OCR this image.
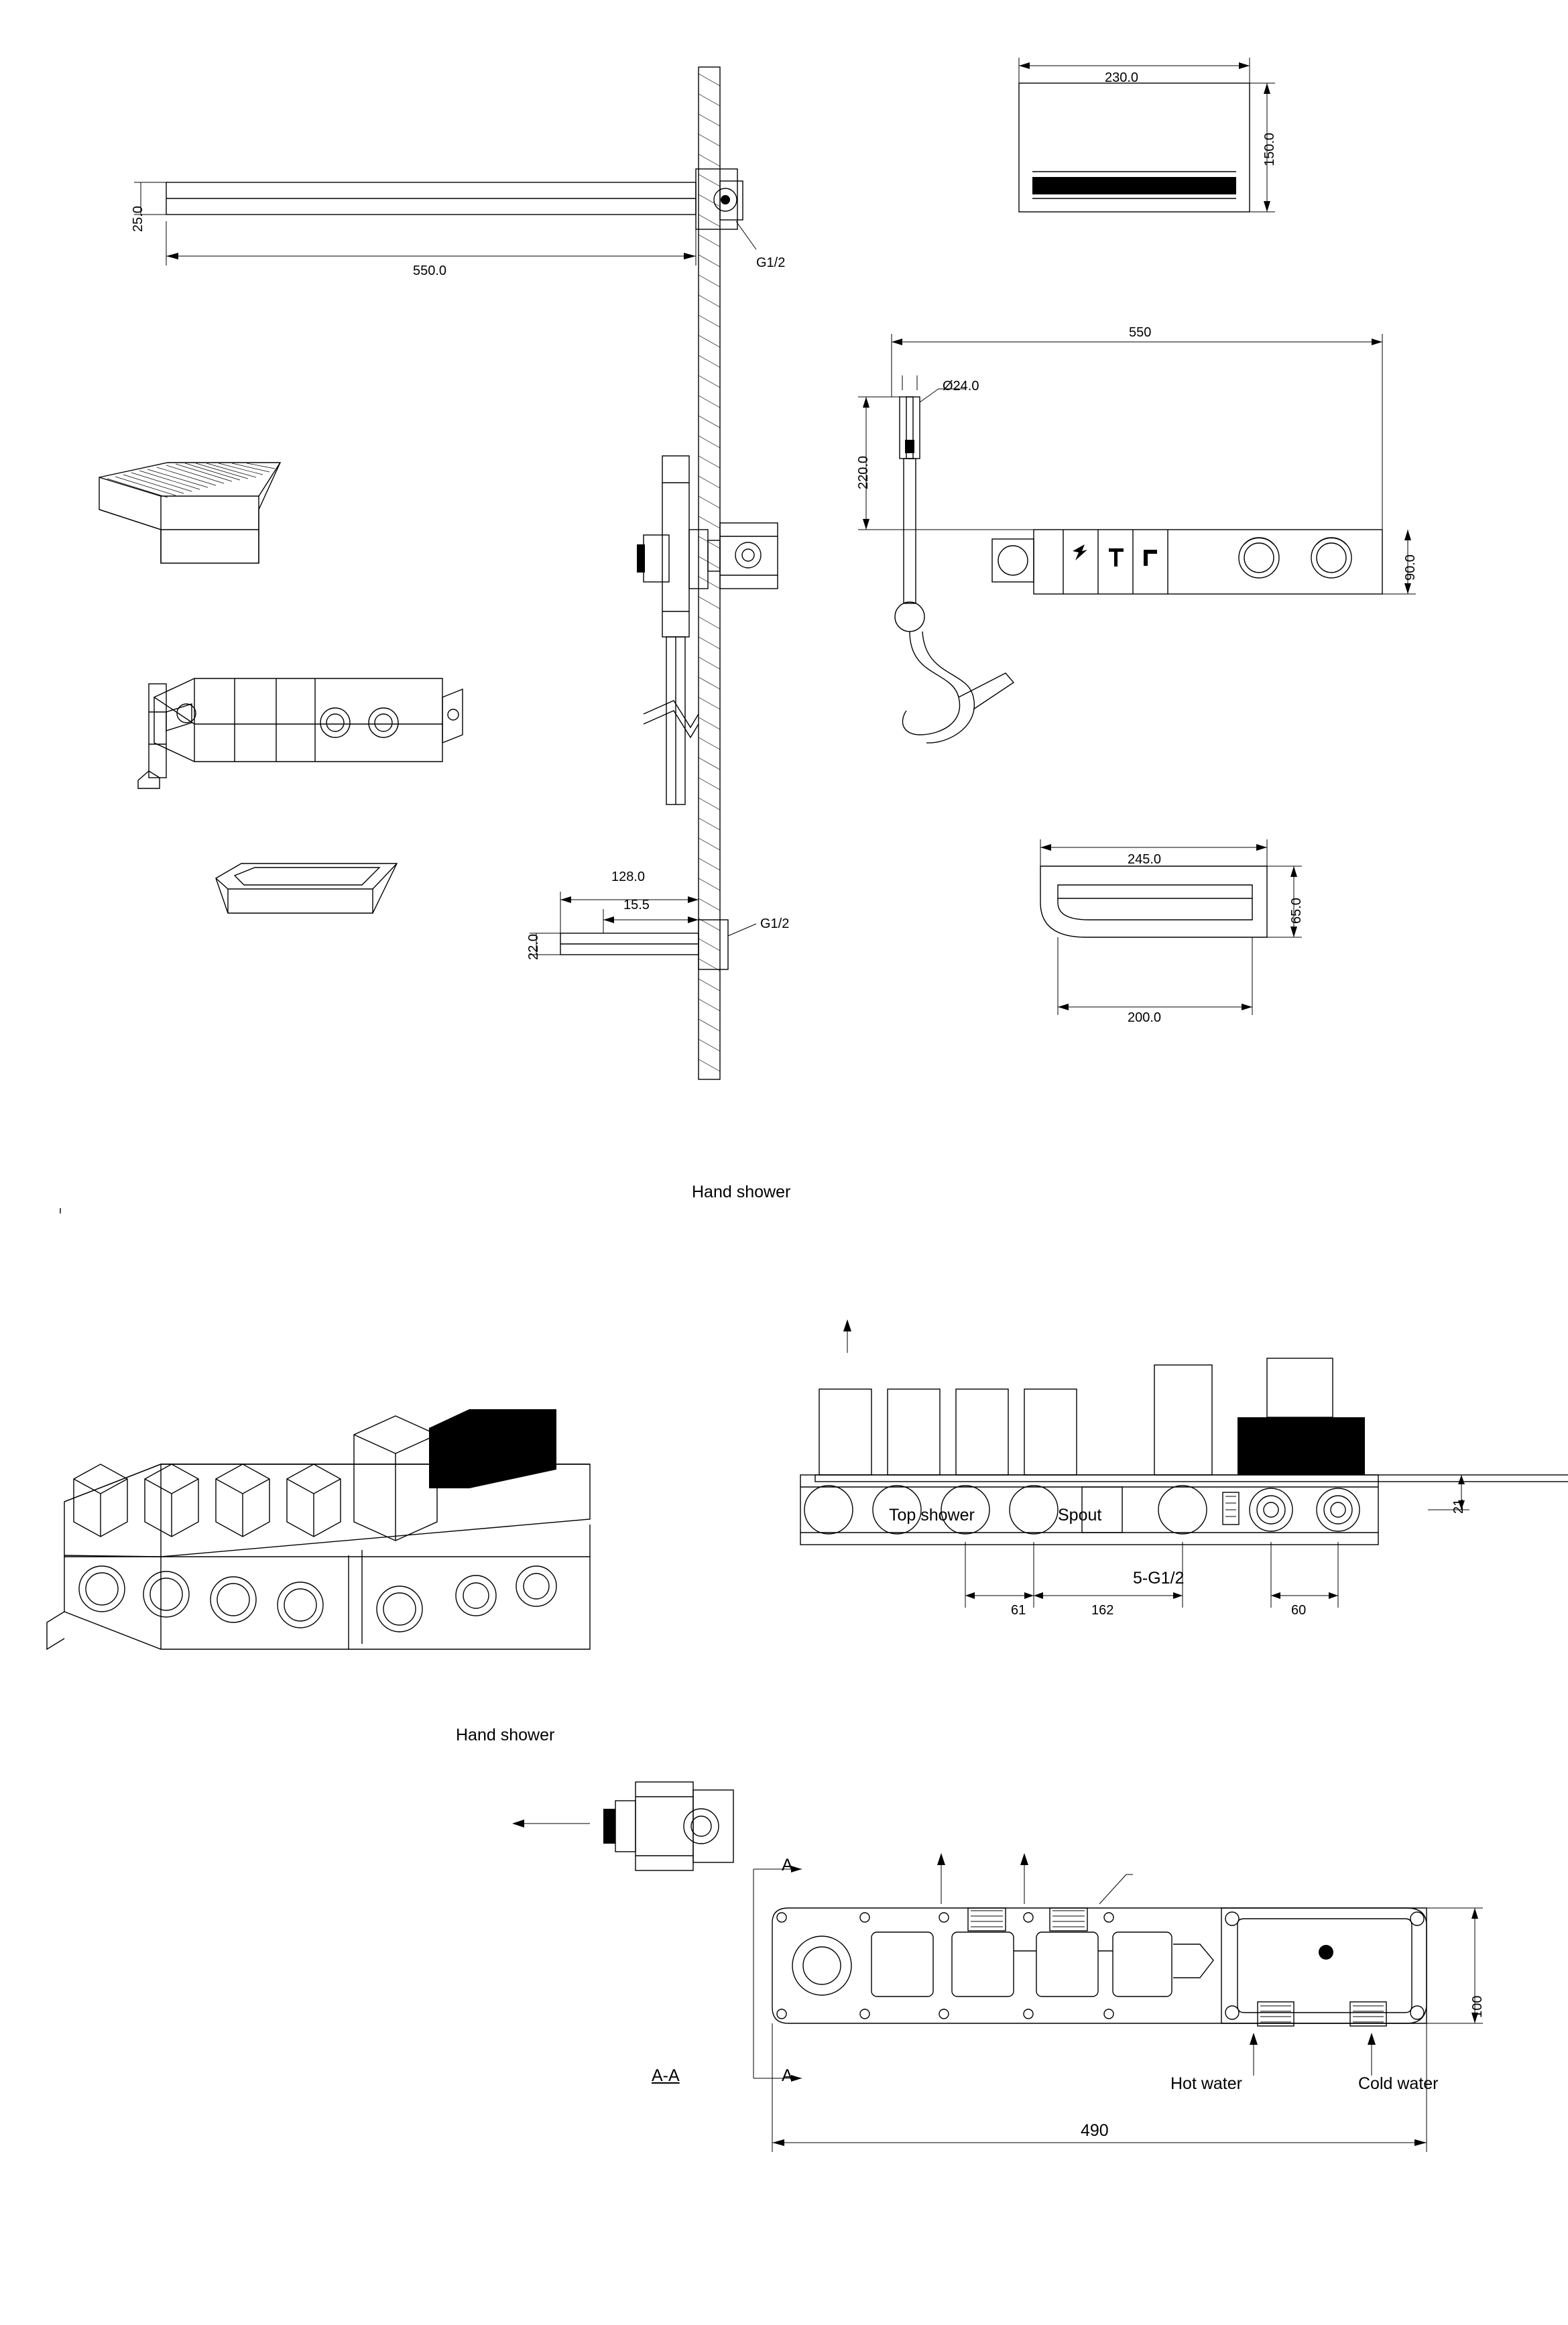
25.0
550.0
G1/2
230.0
150.0
550
Ø24.0
220.0
90.0
128.0
15.5
22.0
G1/2
245.0
200.0
65.0
Hand shower
Hand shower
61	162	60
21
Top shower	Spout
5-G1/2
Hot water	Cold water
A
A
A-A
100
490
